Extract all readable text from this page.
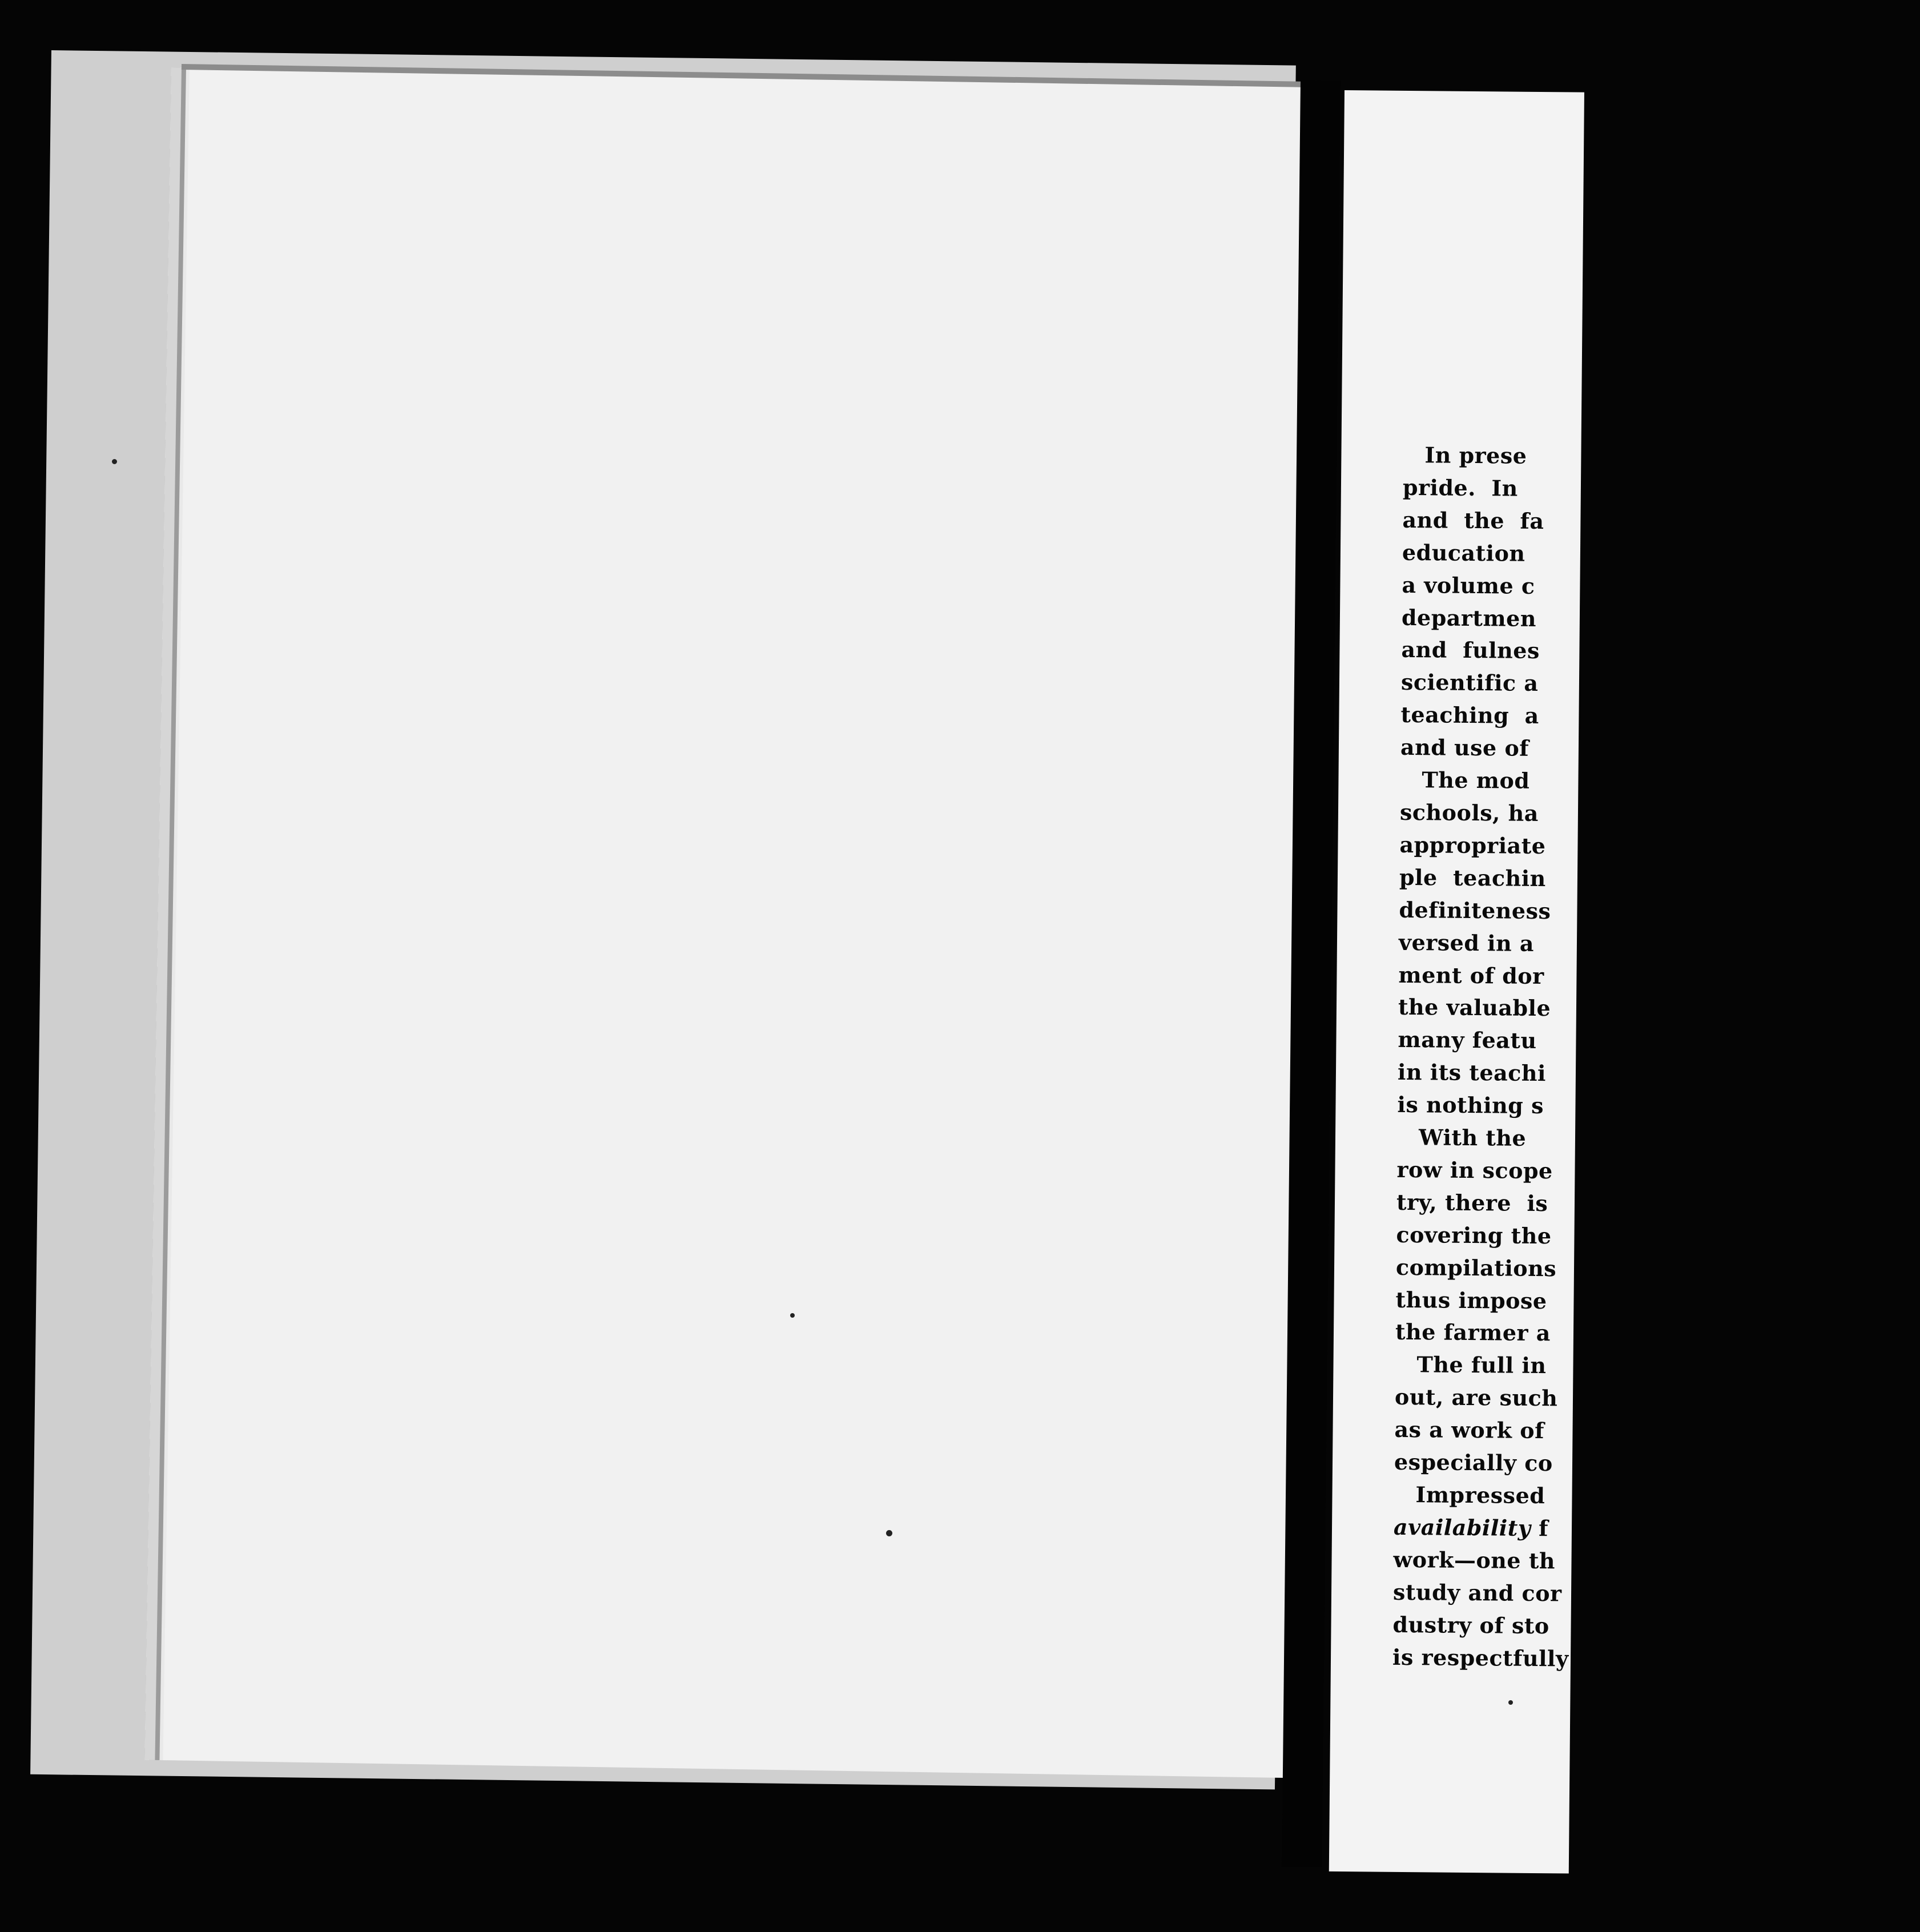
In prese
pride.  In
and  the  fa
education
a volume c
departmen
and  fulnes
scientific a
teaching  a
and use of
The mod
schools, ha
appropriate
ple  teachin
definiteness
versed in a
ment of dor
the valuable
many featu
in its teachi
is nothing s
With the
row in scope
try, there  is
covering the
compilations
thus impose
the farmer a
The full in
out, are such
as a work of
especially co
Impressed
availability f
work—one th
study and cor
dustry of sto
is respectfully
